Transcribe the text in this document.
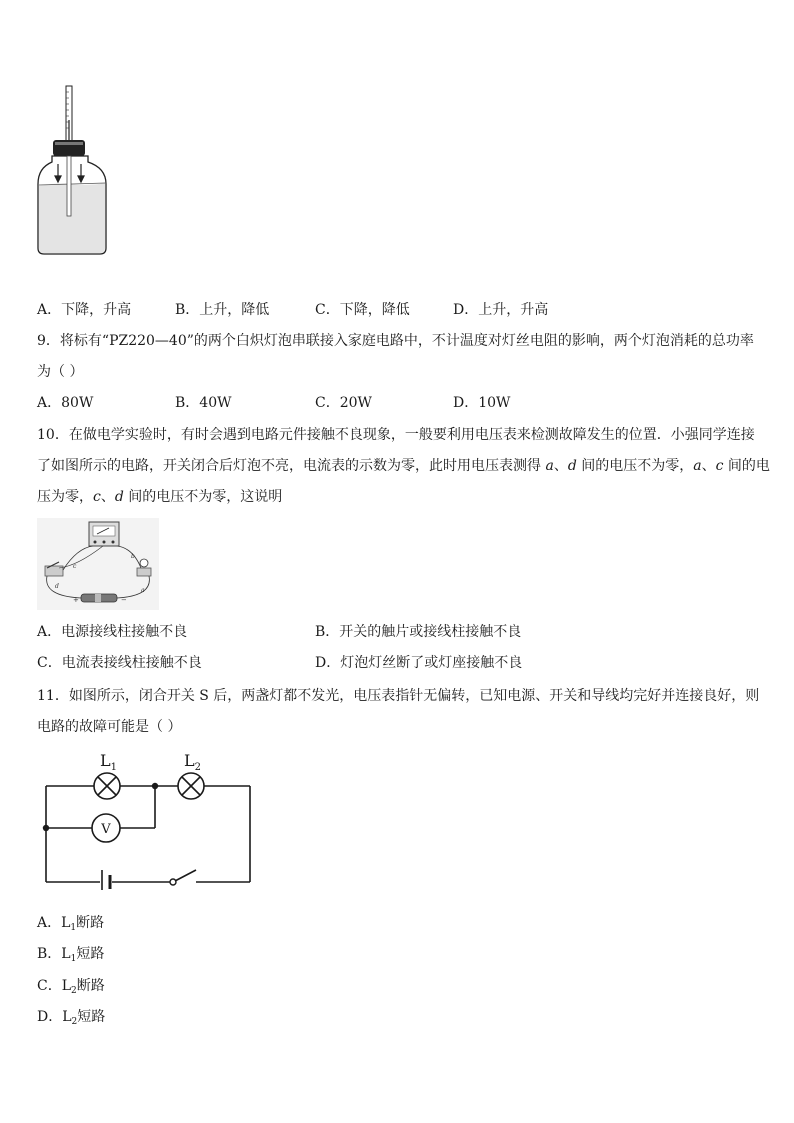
A．下降，升高	B．上升，降低	C．下降，降低	D．上升，升高
9．将标有“PZ220—40”的两个白炽灯泡串联接入家庭电路中，不计温度对灯丝电阻的影响，两个灯泡消耗的总功率
为（ ）
A．80W	B．40W	C．20W	D．10W
10．在做电学实验时，有时会遇到电路元件接触不良现象，一般要利用电压表来检测故障发生的位置．小强同学连接
了如图所示的电路，开关闭合后灯泡不亮，电流表的示数为零，此时用电压表测得 a、d 间的电压不为零，a、c 间的电
压为零，c、d 间的电压不为零，这说明
b
c
d
a
+	−
A．电源接线柱接触不良	B．开关的触片或接线柱接触不良
C．电流表接线柱接触不良	D．灯泡灯丝断了或灯座接触不良
11．如图所示，闭合开关 S 后，两盏灯都不发光，电压表指针无偏转，已知电源、开关和导线均完好并连接良好，则
电路的故障可能是（ ）
V
$L_1$	$L_2$
A．$L_1$断路
B．$L_1$短路
C．$L_2$断路
D．$L_2$短路
